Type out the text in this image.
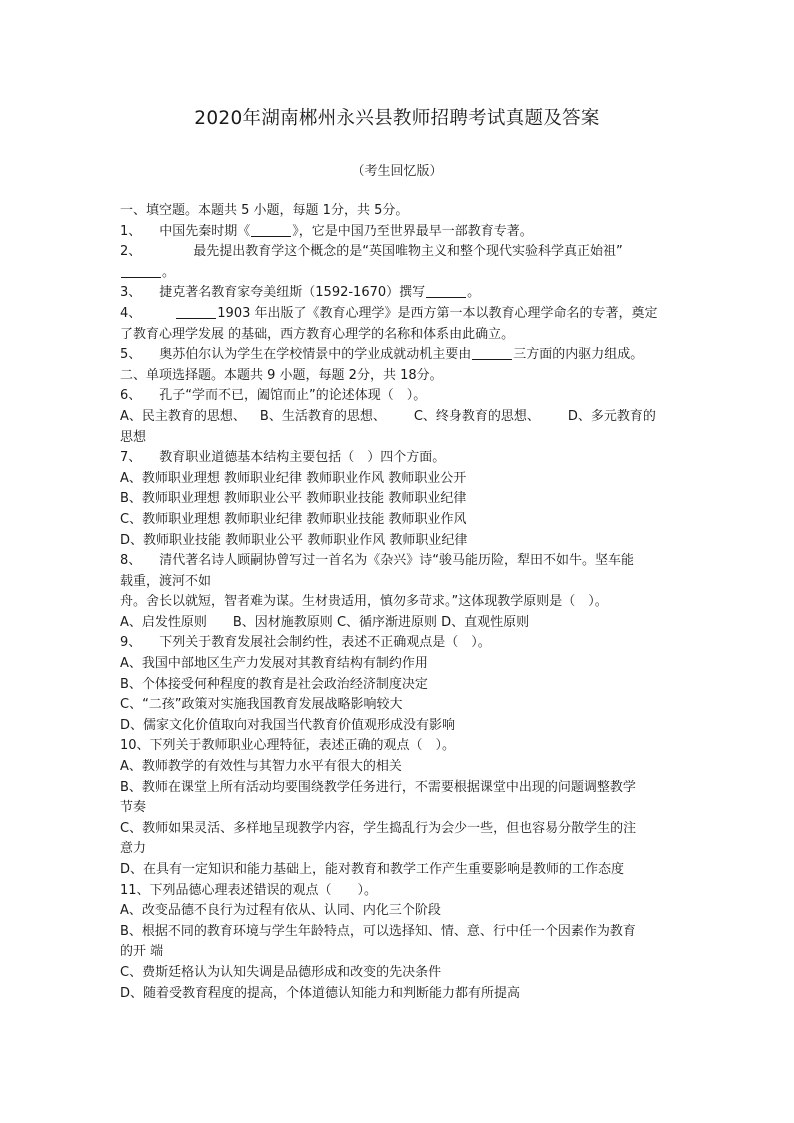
2020年湖南郴州永兴县教师招聘考试真题及答案
（考生回忆版）
一、填空题。本题共 5 小题，每题 1分，共 5分。
1、 中国先秦时期《	》，它是中国乃至世界最早一部教育专著。
2、	最先提出教育学这个概念的是“英国唯物主义和整个现代实验科学真正始祖”
。
3、 捷克著名教育家夸美纽斯（1592-1670）撰写	。
4、	1903 年出版了《教育心理学》是西方第一本以教育心理学命名的专著，奠定
了教育心理学发展 的基础，西方教育心理学的名称和体系由此确立。
5、 奥苏伯尔认为学生在学校情景中的学业成就动机主要由	三方面的内驱力组成。
二、单项选择题。本题共 9 小题，每题 2分，共 18分。
6、 孔子“学而不已，阖馆而止”的论述体现（　）。
A、民主教育的思想、 B、生活教育的思想、 C、终身教育的思想、 D、多元教育的
思想
7、 教育职业道德基本结构主要包括（　）四个方面。
A、教师职业理想 教师职业纪律 教师职业作风 教师职业公开
B、教师职业理想 教师职业公平 教师职业技能 教师职业纪律
C、教师职业理想 教师职业纪律 教师职业技能 教师职业作风
D、教师职业技能 教师职业公平 教师职业作风 教师职业纪律
8、 清代著名诗人顾嗣协曾写过一首名为《杂兴》诗“骏马能历险，犁田不如牛。坚车能
载重，渡河不如
舟。舍长以就短，智者难为谋。生材贵适用，慎勿多苛求。”这体现教学原则是（　）。
A、启发性原则　　B、因材施教原则 C、循序渐进原则 D、直观性原则
9、 下列关于教育发展社会制约性，表述不正确观点是（　）。
A、我国中部地区生产力发展对其教育结构有制约作用
B、个体接受何种程度的教育是社会政治经济制度决定
C、“二孩”政策对实施我国教育发展战略影响较大
D、儒家文化价值取向对我国当代教育价值观形成没有影响
10、下列关于教师职业心理特征，表述正确的观点（　）。
A、教师教学的有效性与其智力水平有很大的相关
B、教师在课堂上所有活动均要围绕教学任务进行，不需要根据课堂中出现的问题调整教学
节奏
C、教师如果灵活、多样地呈现教学内容，学生捣乱行为会少一些，但也容易分散学生的注
意力
D、在具有一定知识和能力基础上，能对教育和教学工作产生重要影响是教师的工作态度
11、下列品德心理表述错误的观点（　　）。
A、改变品德不良行为过程有依从、认同、内化三个阶段
B、根据不同的教育环境与学生年龄特点，可以选择知、情、意、行中任一个因素作为教育
的开 端
C、费斯廷格认为认知失调是品德形成和改变的先决条件
D、随着受教育程度的提高，个体道德认知能力和判断能力都有所提高
